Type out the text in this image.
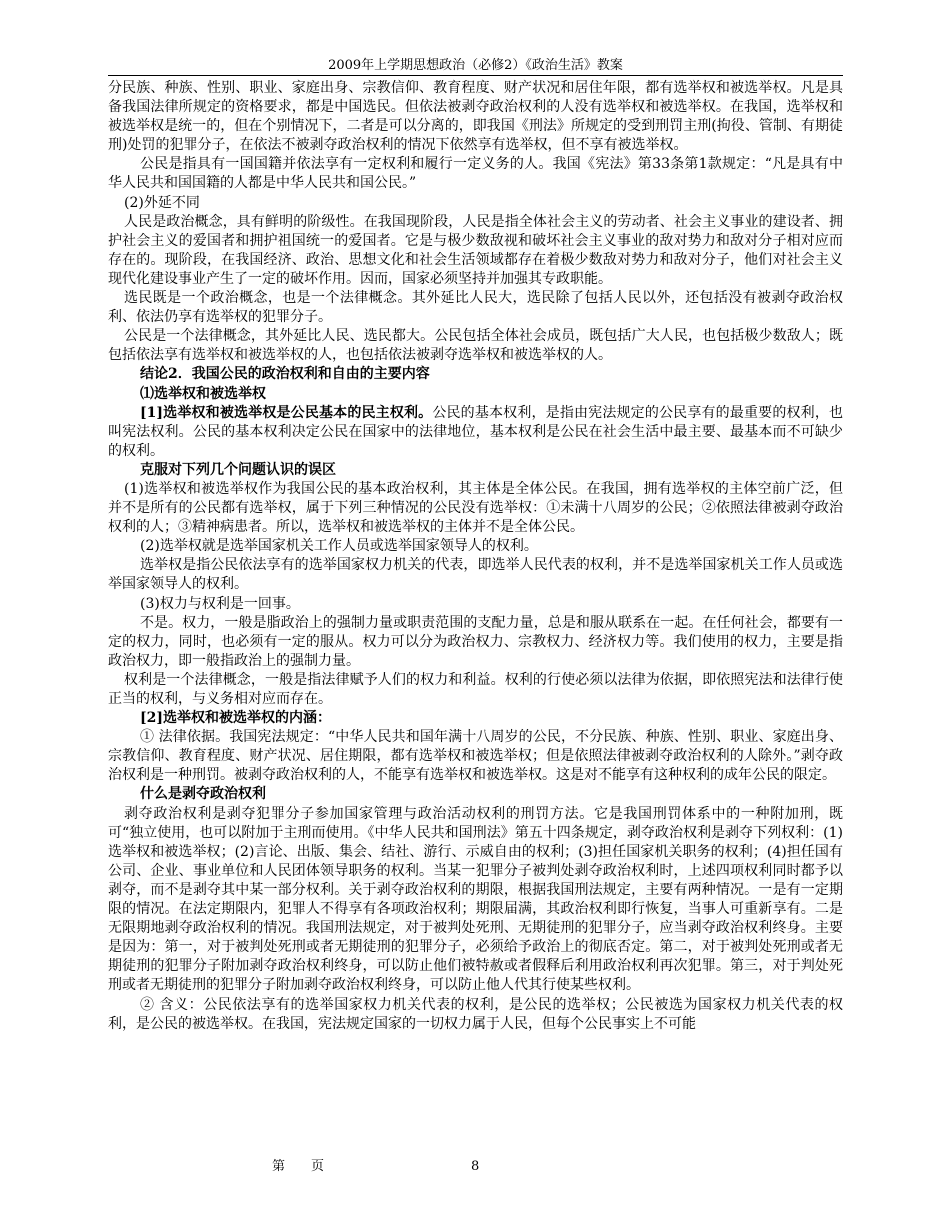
2009年上学期思想政治（必修2）《政治生活》教案

分民族、种族、性别、职业、家庭出身、宗教信仰、教育程度、财产状况和居住年限，都有选举权和被选举权。凡是具备我国法律所规定的资格要求，都是中国选民。但依法被剥夺政治权利的人没有选举权和被选举权。在我国，选举权和被选举权是统一的，但在个别情况下，二者是可以分离的，即我国《刑法》所规定的受到刑罚主刑(拘役、管制、有期徒刑)处罚的犯罪分子，在依法不被剥夺政治权利的情况下依然享有选举权，但不享有被选举权。

公民是指具有一国国籍并依法享有一定权利和履行一定义务的人。我国《宪法》第33条第1款规定：“凡是具有中华人民共和国国籍的人都是中华人民共和国公民。”

(2)外延不同

人民是政治概念，具有鲜明的阶级性。在我国现阶段，人民是指全体社会主义的劳动者、社会主义事业的建设者、拥护社会主义的爱国者和拥护祖国统一的爱国者。它是与极少数敌视和破坏社会主义事业的敌对势力和敌对分子相对应而存在的。现阶段，在我国经济、政治、思想文化和社会生活领域都存在着极少数敌对势力和敌对分子，他们对社会主义现代化建设事业产生了一定的破坏作用。因而，国家必须坚持并加强其专政职能。

选民既是一个政治概念，也是一个法律概念。其外延比人民大，选民除了包括人民以外，还包括没有被剥夺政治权利、依法仍享有选举权的犯罪分子。

公民是一个法律概念，其外延比人民、选民都大。公民包括全体社会成员，既包括广大人民，也包括极少数敌人；既包括依法享有选举权和被选举权的人，也包括依法被剥夺选举权和被选举权的人。

结论2．我国公民的政治权利和自由的主要内容

⑴选举权和被选举权

[1]选举权和被选举权是公民基本的民主权利。公民的基本权利，是指由宪法规定的公民享有的最重要的权利，也叫宪法权利。公民的基本权利决定公民在国家中的法律地位，基本权利是公民在社会生活中最主要、最基本而不可缺少的权利。

克服对下列几个问题认识的误区

(1)选举权和被选举权作为我国公民的基本政治权利，其主体是全体公民。在我国，拥有选举权的主体空前广泛，但并不是所有的公民都有选举权，属于下列三种情况的公民没有选举权：①未满十八周岁的公民；②依照法律被剥夺政治权利的人；③精神病患者。所以，选举权和被选举权的主体并不是全体公民。

(2)选举权就是选举国家机关工作人员或选举国家领导人的权利。

选举权是指公民依法享有的选举国家权力机关的代表，即选举人民代表的权利，并不是选举国家机关工作人员或选举国家领导人的权利。

(3)权力与权利是一回事。

不是。权力，一般是脂政治上的强制力量或职责范围的支配力量，总是和服从联系在一起。在任何社会，都要有一定的权力，同时，也必须有一定的服从。权力可以分为政治权力、宗教权力、经济权力等。我们使用的权力，主要是指政治权力，即一般指政治上的强制力量。

权利是一个法律概念，一般是指法律赋予人们的权力和利益。权利的行使必须以法律为依据，即依照宪法和法律行使正当的权利，与义务相对应而存在。

[2]选举权和被选举权的内涵：

① 法律依据。我国宪法规定：“中华人民共和国年满十八周岁的公民，不分民族、种族、性别、职业、家庭出身、宗教信仰、教育程度、财产状况、居住期限，都有选举权和被选举权；但是依照法律被剥夺政治权利的人除外。”剥夺政治权利是一种刑罚。被剥夺政治权利的人，不能享有选举权和被选举权。这是对不能享有这种权利的成年公民的限定。

什么是剥夺政治权利

剥夺政治权利是剥夺犯罪分子参加国家管理与政治活动权利的刑罚方法。它是我国刑罚体系中的一种附加刑，既可“独立使用，也可以附加于主刑而使用。《中华人民共和国刑法》第五十四条规定，剥夺政治权利是剥夺下列权利：(1)选举权和被选举权；(2)言论、出版、集会、结社、游行、示威自由的权利；(3)担任国家机关职务的权利；(4)担任国有公司、企业、事业单位和人民团体领导职务的权利。当某一犯罪分子被判处剥夺政治权利时，上述四项权利同时都予以剥夺，而不是剥夺其中某一部分权利。关于剥夺政治权利的期限，根据我国刑法规定，主要有两种情况。一是有一定期限的情况。在法定期限内，犯罪人不得享有各项政治权利；期限届满，其政治权利即行恢复，当事人可重新享有。二是无限期地剥夺政治权利的情况。我国刑法规定，对于被判处死刑、无期徒刑的犯罪分子，应当剥夺政治权利终身。主要是因为：第一，对于被判处死刑或者无期徒刑的犯罪分子，必须给予政治上的彻底否定。第二，对于被判处死刑或者无期徒刑的犯罪分子附加剥夺政治权利终身，可以防止他们被特赦或者假释后利用政治权利再次犯罪。第三，对于判处死刑或者无期徒刑的犯罪分子附加剥夺政治权利终身，可以防止他人代其行使某些权利。

② 含义：公民依法享有的选举国家权力机关代表的权利，是公民的选举权；公民被选为国家权力机关代表的权利，是公民的被选举权。在我国，宪法规定国家的一切权力属于人民，但每个公民事实上不可能

第　　页	8
